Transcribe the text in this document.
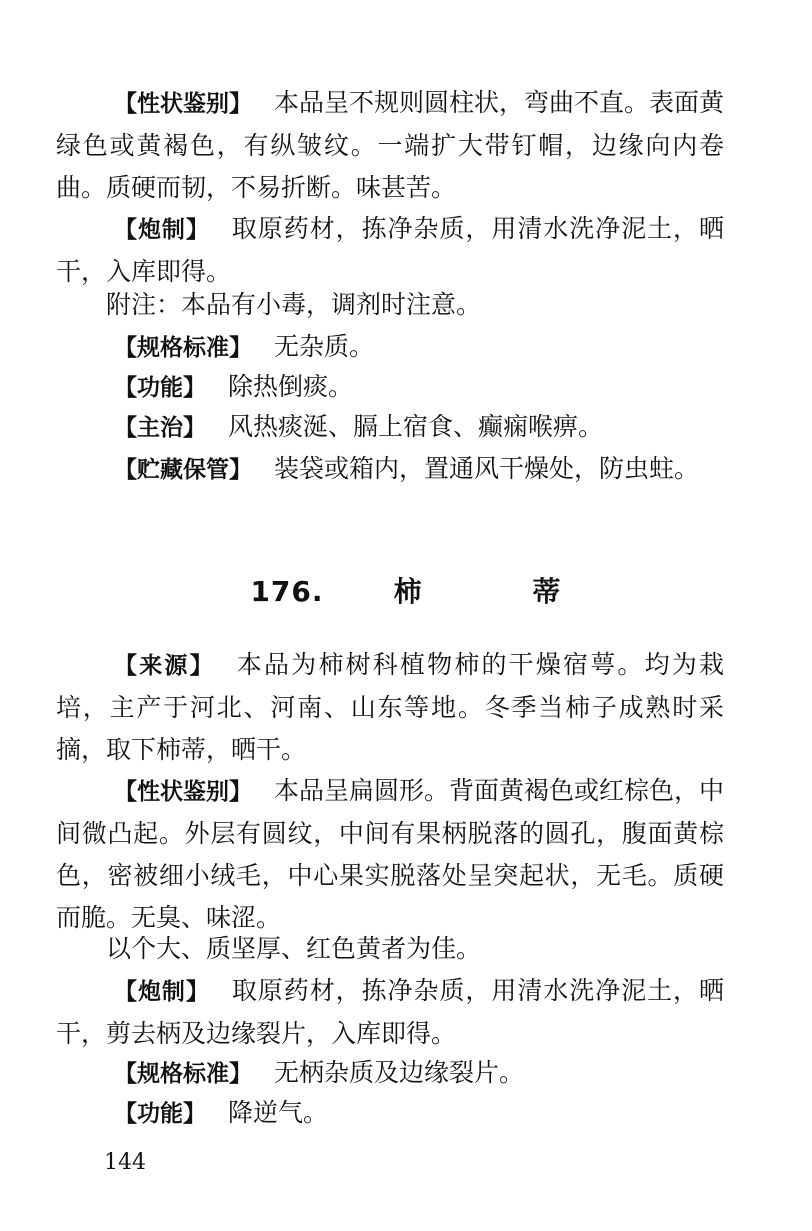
【性状鉴别】 本品呈不规则圆柱状，弯曲不直。表面黄绿色或黄褐色，有纵皱纹。一端扩大带钉帽，边缘向内卷曲。质硬而韧，不易折断。味甚苦。

【炮制】 取原药材，拣净杂质，用清水洗净泥土，晒干，入库即得。

附注：本品有小毒，调剂时注意。

【规格标准】 无杂质。

【功能】 除热倒痰。

【主治】 风热痰涎、膈上宿食、癫痫喉痹。

【贮藏保管】 装袋或箱内，置通风干燥处，防虫蛀。

176.	柿	蒂

【来源】 本品为柿树科植物柿的干燥宿萼。均为栽培，主产于河北、河南、山东等地。冬季当柿子成熟时采摘，取下柿蒂，晒干。

【性状鉴别】 本品呈扁圆形。背面黄褐色或红棕色，中间微凸起。外层有圆纹，中间有果柄脱落的圆孔，腹面黄棕色，密被细小绒毛，中心果实脱落处呈突起状，无毛。质硬而脆。无臭、味涩。

以个大、质坚厚、红色黄者为佳。

【炮制】 取原药材，拣净杂质，用清水洗净泥土，晒干，剪去柄及边缘裂片，入库即得。

【规格标准】 无柄杂质及边缘裂片。

【功能】 降逆气。

144
